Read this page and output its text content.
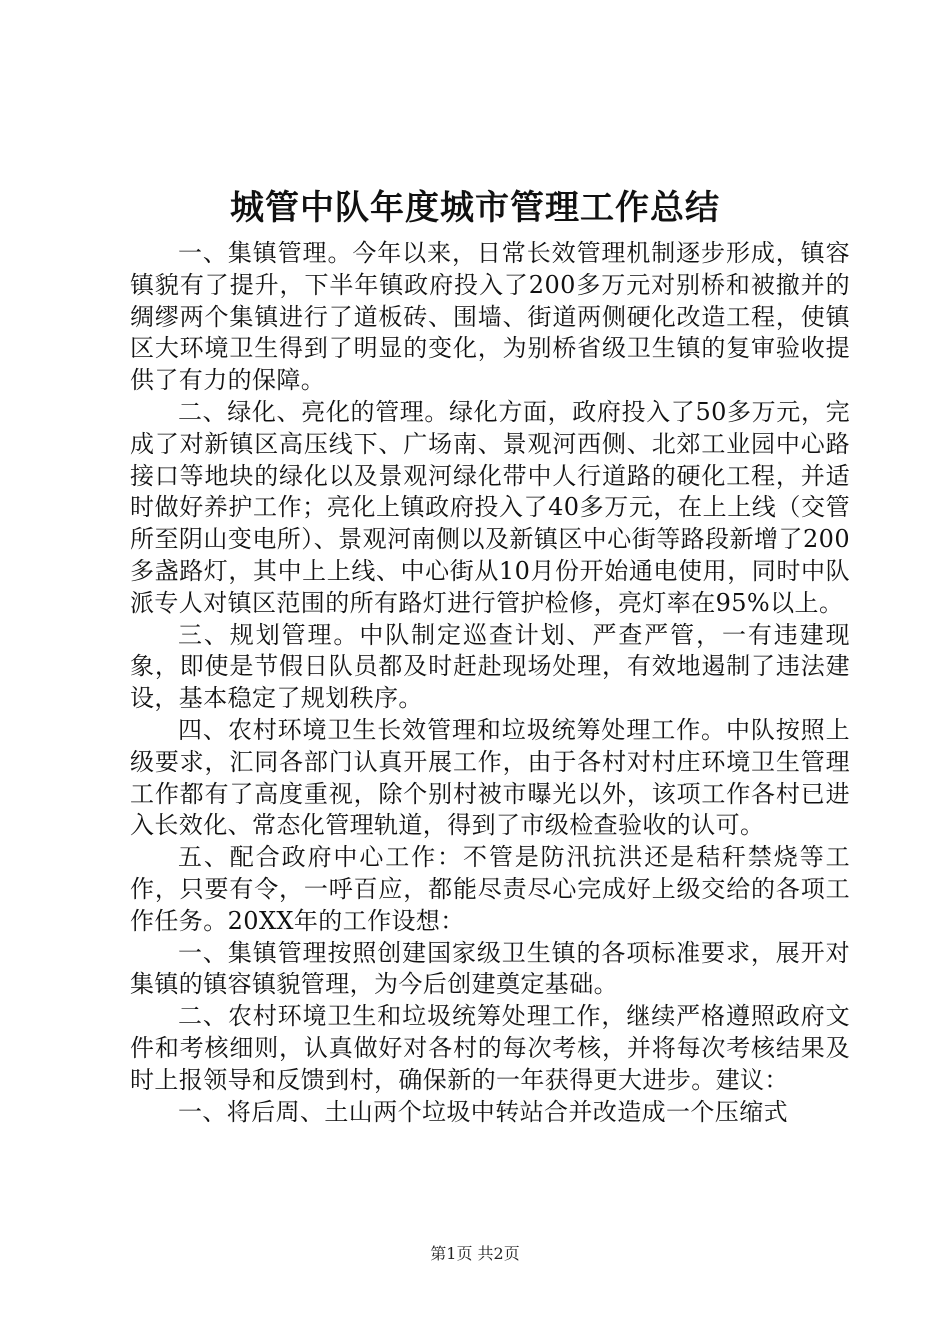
城管中队年度城市管理工作总结

一、集镇管理。今年以来，日常长效管理机制逐步形成，镇容镇貌有了提升，下半年镇政府投入了200多万元对别桥和被撤并的绸缪两个集镇进行了道板砖、围墙、街道两侧硬化改造工程，使镇区大环境卫生得到了明显的变化，为别桥省级卫生镇的复审验收提供了有力的保障。

二、绿化、亮化的管理。绿化方面，政府投入了50多万元，完成了对新镇区高压线下、广场南、景观河西侧、北郊工业园中心路接口等地块的绿化以及景观河绿化带中人行道路的硬化工程，并适时做好养护工作；亮化上镇政府投入了40多万元，在上上线（交管所至阴山变电所）、景观河南侧以及新镇区中心街等路段新增了200多盏路灯，其中上上线、中心街从10月份开始通电使用，同时中队派专人对镇区范围的所有路灯进行管护检修，亮灯率在95%以上。

三、规划管理。中队制定巡查计划、严查严管，一有违建现象，即使是节假日队员都及时赶赴现场处理，有效地遏制了违法建设，基本稳定了规划秩序。

四、农村环境卫生长效管理和垃圾统筹处理工作。中队按照上级要求，汇同各部门认真开展工作，由于各村对村庄环境卫生管理工作都有了高度重视，除个别村被市曝光以外，该项工作各村已进入长效化、常态化管理轨道，得到了市级检查验收的认可。

五、配合政府中心工作：不管是防汛抗洪还是秸秆禁烧等工作，只要有令，一呼百应，都能尽责尽心完成好上级交给的各项工作任务。20XX年的工作设想：

一、集镇管理按照创建国家级卫生镇的各项标准要求，展开对集镇的镇容镇貌管理，为今后创建奠定基础。

二、农村环境卫生和垃圾统筹处理工作，继续严格遵照政府文件和考核细则，认真做好对各村的每次考核，并将每次考核结果及时上报领导和反馈到村，确保新的一年获得更大进步。建议：

一、将后周、土山两个垃圾中转站合并改造成一个压缩式

第1页 共2页
